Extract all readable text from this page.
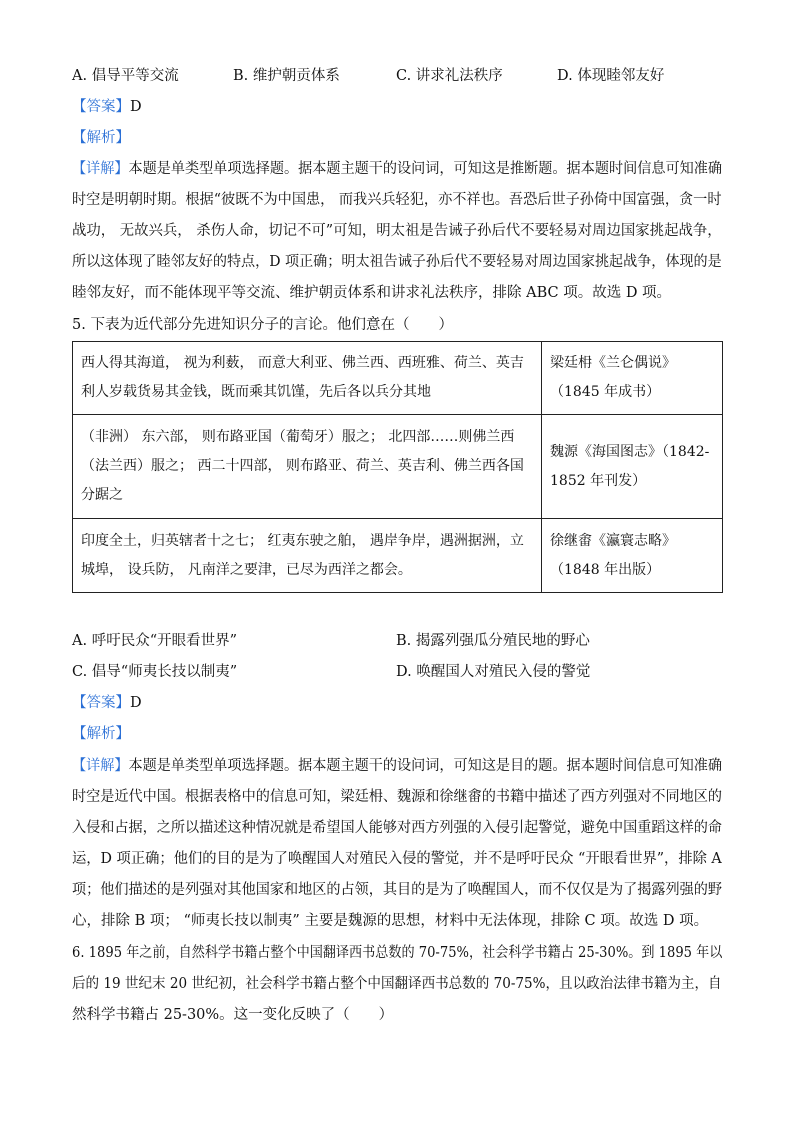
A. 倡导平等交流	B. 维护朝贡体系	C. 讲求礼法秩序	D. 体现睦邻友好
【答案】D
【解析】
【详解】本题是单类型单项选择题。据本题主题干的设问词，可知这是推断题。据本题时间信息可知准确
时空是明朝时期。根据“彼既不为中国患， 而我兴兵轻犯，亦不祥也。吾恐后世子孙倚中国富强，贪一时
战功， 无故兴兵， 杀伤人命，切记不可”可知，明太祖是告诫子孙后代不要轻易对周边国家挑起战争，
所以这体现了睦邻友好的特点，D 项正确；明太祖告诫子孙后代不要轻易对周边国家挑起战争，体现的是
睦邻友好，而不能体现平等交流、维护朝贡体系和讲求礼法秩序，排除 ABC 项。故选 D 项。
5. 下表为近代部分先进知识分子的言论。他们意在（　　）
西人得其海道， 视为利薮， 而意大利亚、佛兰西、西班雅、荷兰、英吉利人岁载货易其金钱，既而乘其饥馑，先后各以兵分其地	梁廷枏《兰仑偶说》（1845 年成书）
（非洲） 东六部， 则布路亚国（葡萄牙）服之； 北四部……则佛兰西（法兰西）服之； 西二十四部， 则布路亚、荷兰、英吉利、佛兰西各国分踞之	魏源《海国图志》（1842-1852 年刊发）
印度全土，归英辖者十之七； 红夷东驶之舶， 遇岸争岸，遇洲据洲，立城埠， 设兵防， 凡南洋之要津，已尽为西洋之都会。	徐继畬《瀛寰志略》（1848 年出版）
A. 呼吁民众“开眼看世界”	B. 揭露列强瓜分殖民地的野心
C. 倡导“师夷长技以制夷”	D. 唤醒国人对殖民入侵的警觉
【答案】D
【解析】
【详解】本题是单类型单项选择题。据本题主题干的设问词，可知这是目的题。据本题时间信息可知准确
时空是近代中国。根据表格中的信息可知，梁廷枏、魏源和徐继畬的书籍中描述了西方列强对不同地区的
入侵和占据，之所以描述这种情况就是希望国人能够对西方列强的入侵引起警觉，避免中国重蹈这样的命
运，D 项正确；他们的目的是为了唤醒国人对殖民入侵的警觉，并不是呼吁民众 “开眼看世界”，排除 A
项；他们描述的是列强对其他国家和地区的占领，其目的是为了唤醒国人，而不仅仅是为了揭露列强的野
心，排除 B 项； “师夷长技以制夷” 主要是魏源的思想，材料中无法体现，排除 C 项。故选 D 项。
6. 1895 年之前，自然科学书籍占整个中国翻译西书总数的 70-75%，社会科学书籍占 25-30%。到 1895 年以
后的 19 世纪末 20 世纪初，社会科学书籍占整个中国翻译西书总数的 70-75%，且以政治法律书籍为主，自
然科学书籍占 25-30%。这一变化反映了（　　）
